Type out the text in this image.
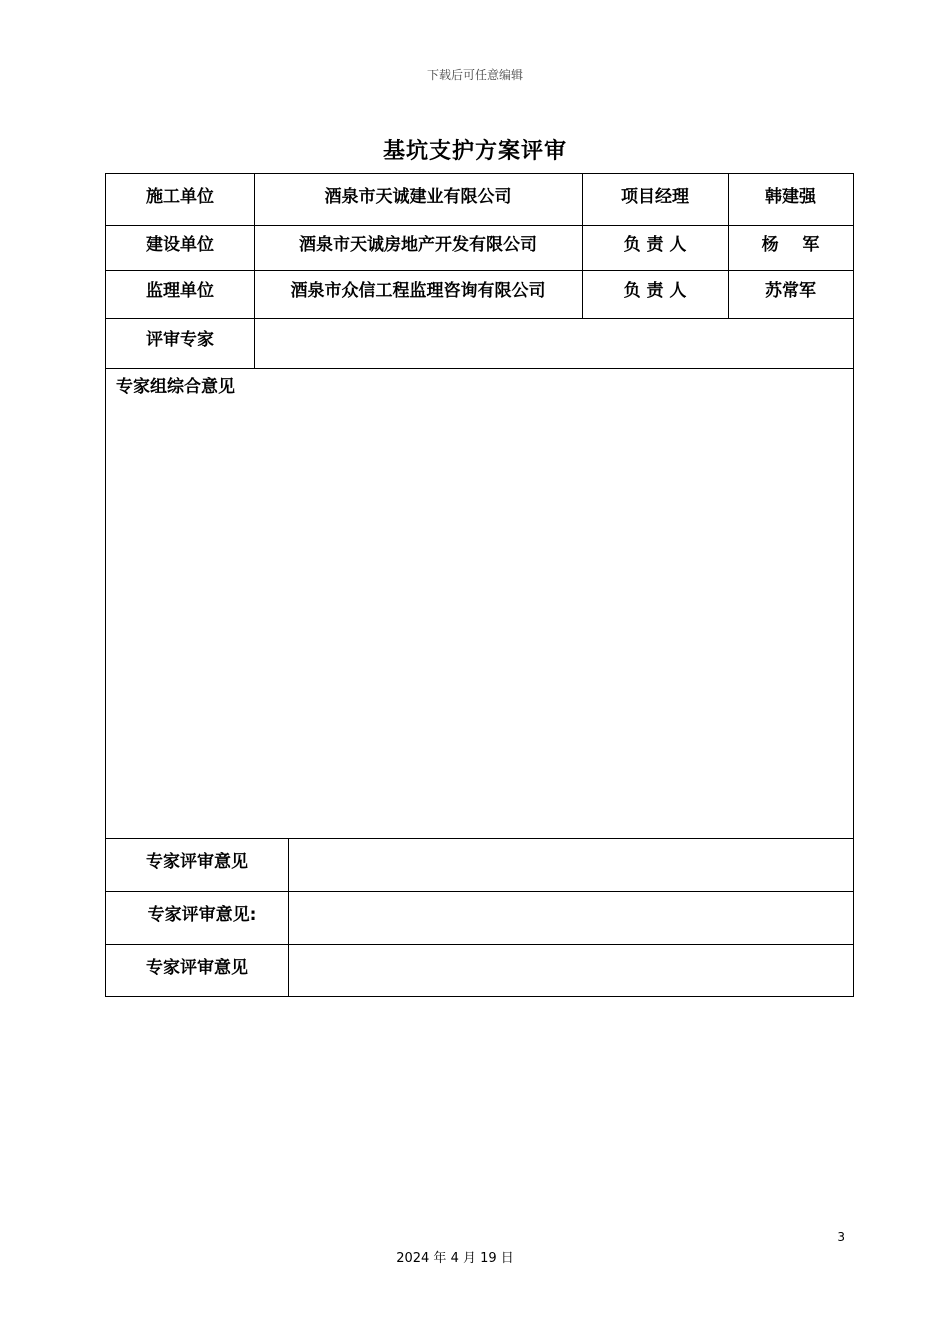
下载后可任意编辑
基坑支护方案评审
施工单位	酒泉市天诚建业有限公司	项目经理	韩建强
建设单位	酒泉市天诚房地产开发有限公司	负 责 人	杨    军
监理单位	酒泉市众信工程监理咨询有限公司	负 责 人	苏常军
评审专家
专家组综合意见
专家评审意见
专家评审意见:
专家评审意见
3
2024 年 4 月 19 日
